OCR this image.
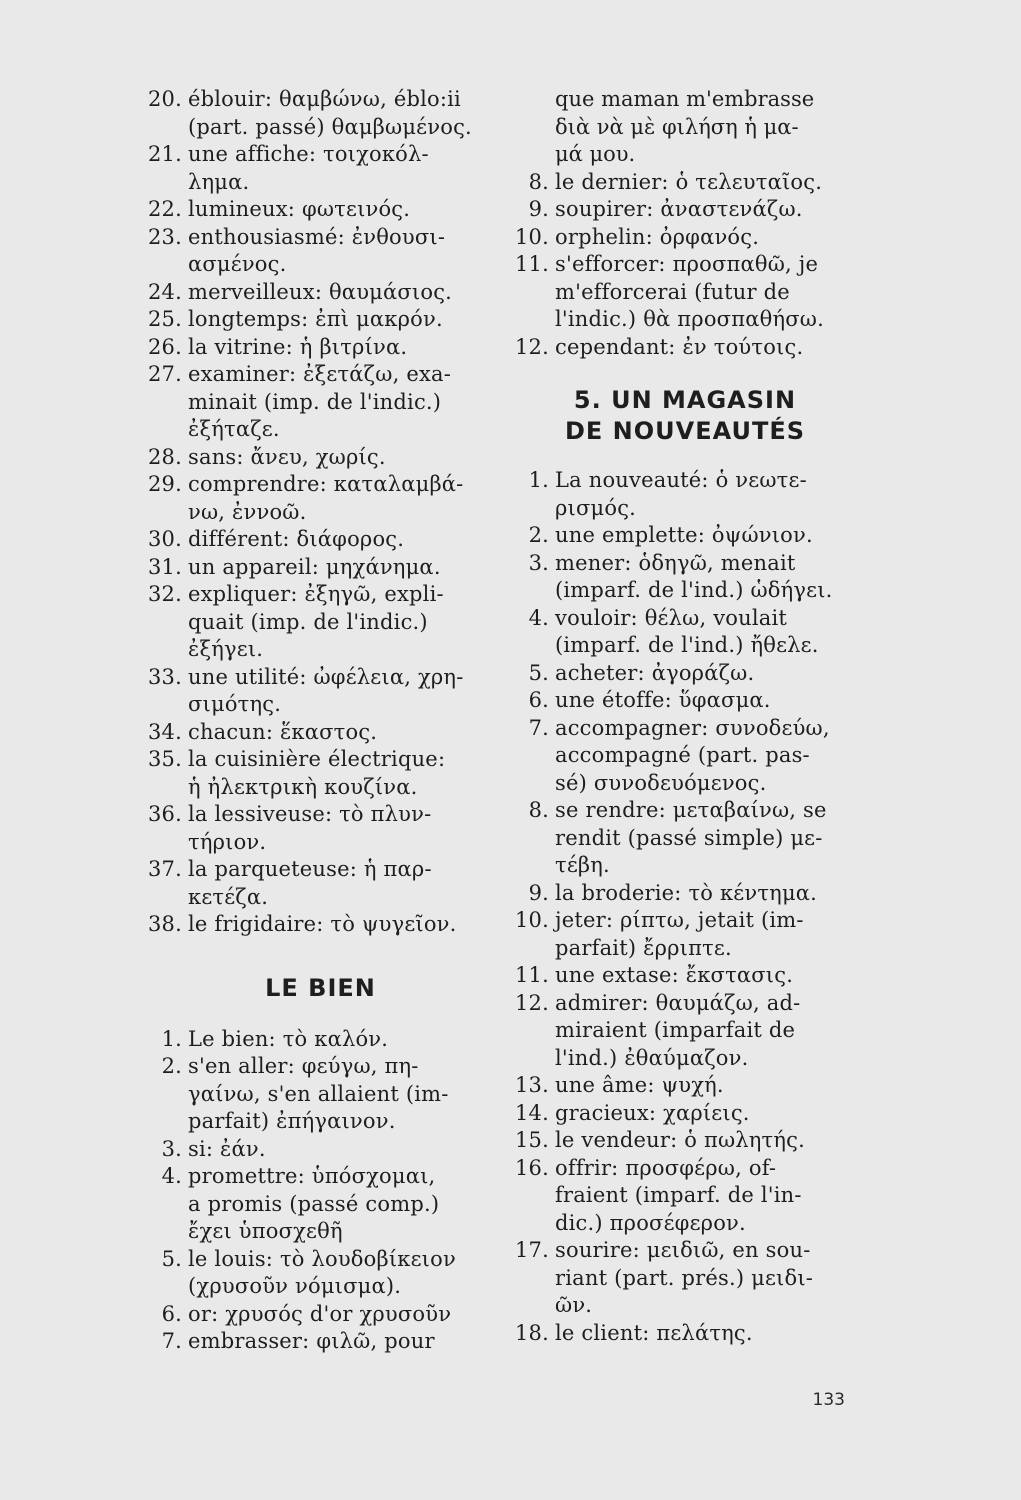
20. éblouir: θαμβώνω, éblo:ii
(part. passé) θαμβωμένος.
21. une affiche: τοιχοκόλ-
λημα.
22. lumineux: φωτεινός.
23. enthousiasmé: ἐνθουσι-
ασμένος.
24. merveilleux: θαυμάσιος.
25. longtemps: ἐπὶ μακρόν.
26. la vitrine: ἡ βιτρίνα.
27. examiner: ἐξετάζω, exa-
minait (imp. de l'indic.)
ἐξήταζε.
28. sans: ἄνευ, χωρίς.
29. comprendre: καταλαμβά-
νω, ἐννοῶ.
30. différent: διάφορος.
31. un appareil: μηχάνημα.
32. expliquer: ἐξηγῶ, expli-
quait (imp. de l'indic.)
ἐξήγει.
33. une utilité: ὠφέλεια, χρη-
σιμότης.
34. chacun: ἕκαστος.
35. la cuisinière électrique:
ἡ ἠλεκτρικὴ κουζίνα.
36. la lessiveuse: τὸ πλυν-
τήριον.
37. la parqueteuse: ἡ παρ-
κετέζα.
38. le frigidaire: τὸ ψυγεῖον.
LE BIEN
1. Le bien: τὸ καλόν.
2. s'en aller: φεύγω, πη-
γαίνω, s'en allaient (im-
parfait) ἐπήγαινον.
3. si: ἐάν.
4. promettre: ὑπόσχομαι,
a promis (passé comp.)
ἔχει ὑποσχεθῆ
5. le louis: τὸ λουδοβίκειον
(χρυσοῦν νόμισμα).
6. or: χρυσός d'or χρυσοῦν
7. embrasser: φιλῶ, pour
que maman m'embrasse
διὰ νὰ μὲ φιλήση ἡ μα-
μά μου.
8. le dernier: ὁ τελευταῖος.
9. soupirer: ἀναστενάζω.
10. orphelin: ὀρφανός.
11. s'efforcer: προσπαθῶ, je
m'efforcerai (futur de
l'indic.) θὰ προσπαθήσω.
12. cependant: ἐν τούτοις.
5. UN MAGASIN
DE NOUVEAUTÉS
1. La nouveauté: ὁ νεωτε-
ρισμός.
2. une emplette: ὀψώνιον.
3. mener: ὁδηγῶ, menait
(imparf. de l'ind.) ὡδήγει.
4. vouloir: θέλω, voulait
(imparf. de l'ind.) ἤθελε.
5. acheter: ἀγοράζω.
6. une étoffe: ὕφασμα.
7. accompagner: συνοδεύω,
accompagné (part. pas-
sé) συνοδευόμενος.
8. se rendre: μεταβαίνω, se
rendit (passé simple) με-
τέβη.
9. la broderie: τὸ κέντημα.
10. jeter: ρίπτω, jetait (im-
parfait) ἔρριπτε.
11. une extase: ἔκστασις.
12. admirer: θαυμάζω, ad-
miraient (imparfait de
l'ind.) ἐθαύμαζον.
13. une âme: ψυχή.
14. gracieux: χαρίεις.
15. le vendeur: ὁ πωλητής.
16. offrir: προσφέρω, of-
fraient (imparf. de l'in-
dic.) προσέφερον.
17. sourire: μειδιῶ, en sou-
riant (part. prés.) μειδι-
ῶν.
18. le client: πελάτης.
133
